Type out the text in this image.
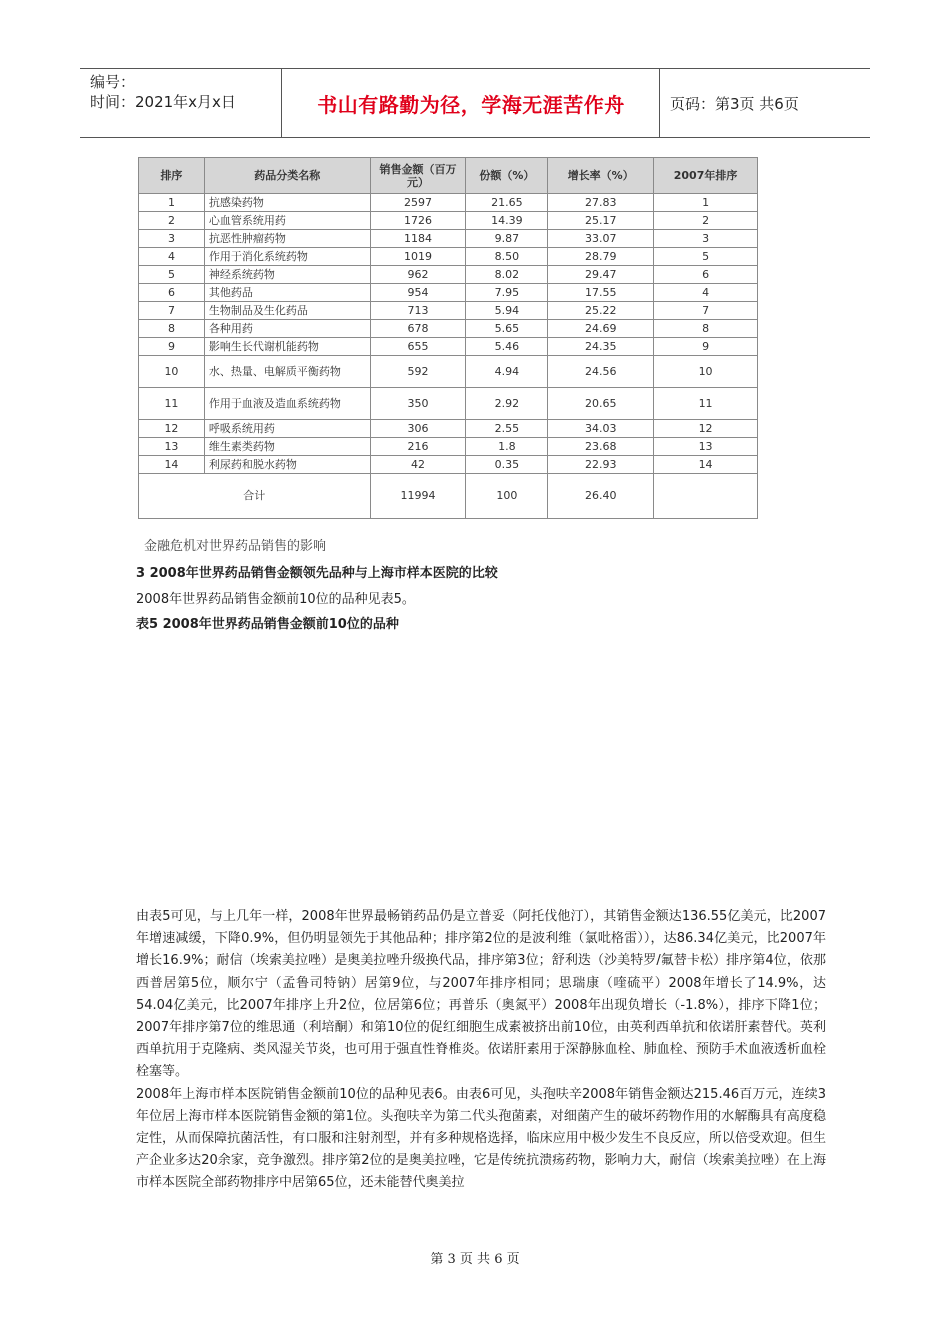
编号：
时间：2021年x月x日	书山有路勤为径，学海无涯苦作舟	页码：第3页 共6页
排序	药品分类名称	销售金额（百万元）	份额（%）	增长率（%）	2007年排序
1	抗感染药物	2597	21.65	27.83	1
2	心血管系统用药	1726	14.39	25.17	2
3	抗恶性肿瘤药物	1184	9.87	33.07	3
4	作用于消化系统药物	1019	8.50	28.79	5
5	神经系统药物	962	8.02	29.47	6
6	其他药品	954	7.95	17.55	4
7	生物制品及生化药品	713	5.94	25.22	7
8	各种用药	678	5.65	24.69	8
9	影响生长代谢机能药物	655	5.46	24.35	9
10	水、热量、电解质平衡药物	592	4.94	24.56	10
11	作用于血液及造血系统药物	350	2.92	20.65	11
12	呼吸系统用药	306	2.55	34.03	12
13	维生素类药物	216	1.8	23.68	13
14	利尿药和脱水药物	42	0.35	22.93	14
合计		11994	100	26.40	
金融危机对世界药品销售的影响
3 2008年世界药品销售金额领先品种与上海市样本医院的比较
2008年世界药品销售金额前10位的品种见表5。
表5 2008年世界药品销售金额前10位的品种

由表5可见，与上几年一样，2008年世界最畅销药品仍是立普妥（阿托伐他汀），其销售金额达136.55亿美元，比2007年增速减缓，下降0.9%，但仍明显领先于其他品种；排序第2位的是波利维（氯吡格雷）），达86.34亿美元，比2007年增长16.9%；耐信（埃索美拉唑）是奥美拉唑升级换代品，排序第3位；舒利迭（沙美特罗/氟替卡松）排序第4位，依那西普居第5位，顺尔宁（孟鲁司特钠）居第9位，与2007年排序相同；思瑞康（喹硫平）2008年增长了14.9%，达54.04亿美元，比2007年排序上升2位，位居第6位；再普乐（奥氮平）2008年出现负增长（-1.8%），排序下降1位；2007年排序第7位的维思通（利培酮）和第10位的促红细胞生成素被挤出前10位，由英利西单抗和依诺肝素替代。英利西单抗用于克隆病、类风湿关节炎，也可用于强直性脊椎炎。依诺肝素用于深静脉血栓、肺血栓、预防手术血液透析血栓栓塞等。

2008年上海市样本医院销售金额前10位的品种见表6。由表6可见，头孢呋辛2008年销售金额达215.46百万元，连续3年位居上海市样本医院销售金额的第1位。头孢呋辛为第二代头孢菌素，对细菌产生的破坏药物作用的水解酶具有高度稳定性，从而保障抗菌活性，有口服和注射剂型，并有多种规格选择，临床应用中极少发生不良反应，所以倍受欢迎。但生产企业多达20余家，竞争激烈。排序第2位的是奥美拉唑，它是传统抗溃疡药物，影响力大，耐信（埃索美拉唑）在上海市样本医院全部药物排序中居第65位，还未能替代奥美拉

第 3 页 共 6 页
